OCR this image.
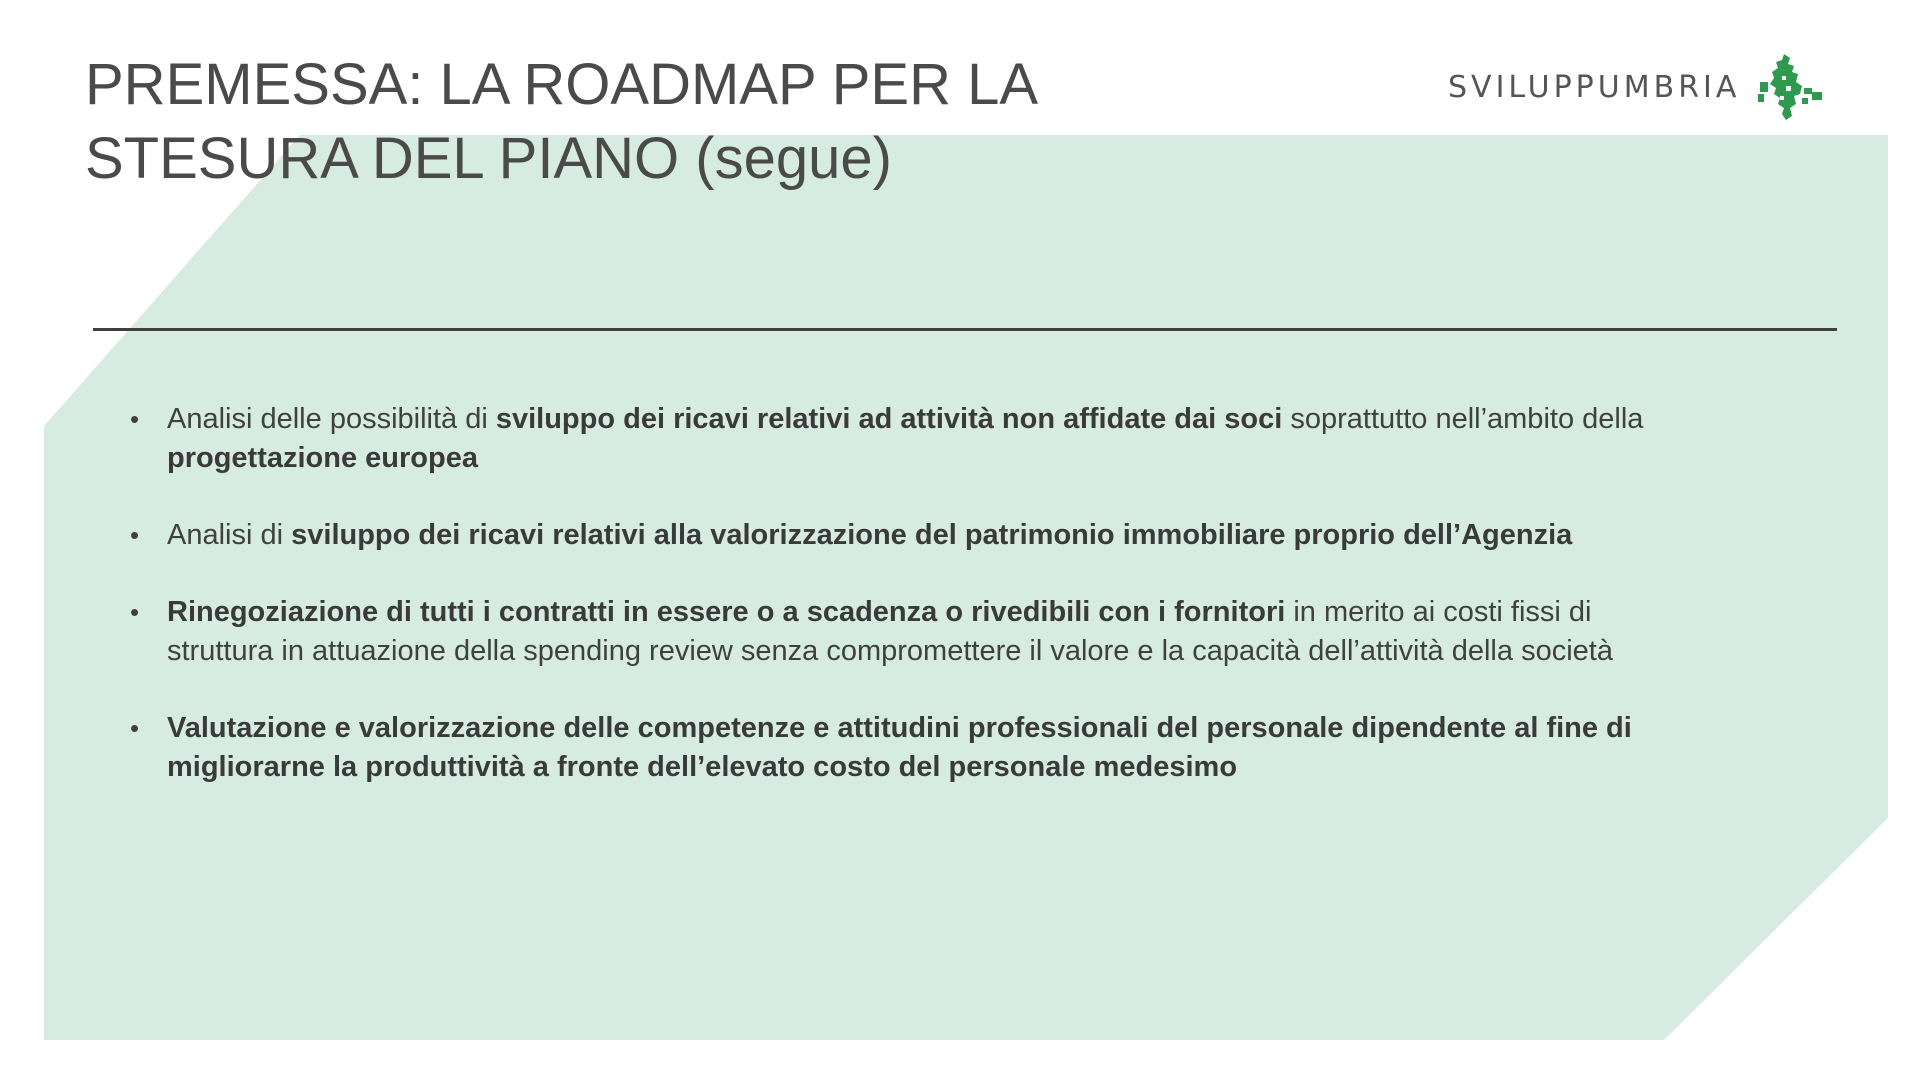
PREMESSA: LA ROADMAP PER LA
STESURA DEL PIANO (segue)
SVILUPPUMBRIA
• Analisi delle possibilità di sviluppo dei ricavi relativi ad attività non affidate dai soci soprattutto nell’ambito della progettazione europea
• Analisi di sviluppo dei ricavi relativi alla valorizzazione del patrimonio immobiliare proprio dell’Agenzia
• Rinegoziazione di tutti i contratti in essere o a scadenza o rivedibili con i fornitori in merito ai costi fissi di struttura in attuazione della spending review senza compromettere il valore e la capacità dell’attività della società
• Valutazione e valorizzazione delle competenze e attitudini professionali del personale dipendente al fine di migliorarne la produttività a fronte dell’elevato costo del personale medesimo
